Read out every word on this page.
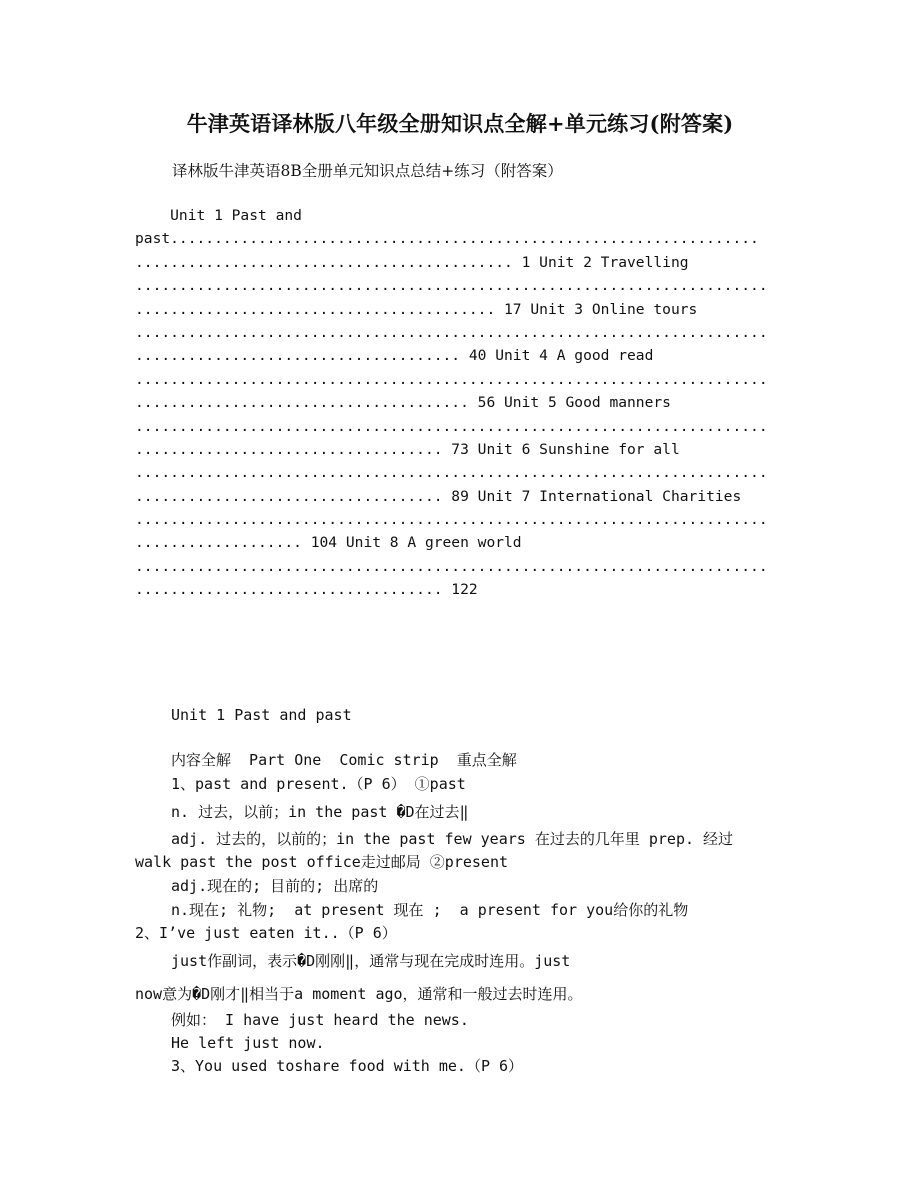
牛津英语译林版八年级全册知识点全解+单元练习(附答案)
译林版牛津英语8B全册单元知识点总结+练习（附答案）
Unit 1 Past and
past...................................................................
........................................... 1 Unit 2 Travelling
........................................................................
......................................... 17 Unit 3 Online tours
........................................................................
..................................... 40 Unit 4 A good read
........................................................................
...................................... 56 Unit 5 Good manners
........................................................................
................................... 73 Unit 6 Sunshine for all
........................................................................
................................... 89 Unit 7 International Charities
........................................................................
................... 104 Unit 8 A green world
........................................................................
................................... 122
Unit 1 Past and past
内容全解  Part One  Comic strip  重点全解
1、past and present.（P 6） ①past
n. 过去，以前；in the past �D在过去‖
adj. 过去的，以前的；in the past few years 在过去的几年里 prep. 经过
walk past the post office走过邮局 ②present
adj.现在的; 目前的; 出席的
n.现在; 礼物;  at present 现在 ;  a present for you给你的礼物
2、I’ve just eaten it..（P 6）
just作副词，表示�D刚刚‖，通常与现在完成时连用。just
now意为�D刚才‖相当于a moment ago，通常和一般过去时连用。
例如： I have just heard the news.
He left just now.
3、You used toshare food with me.（P 6）
